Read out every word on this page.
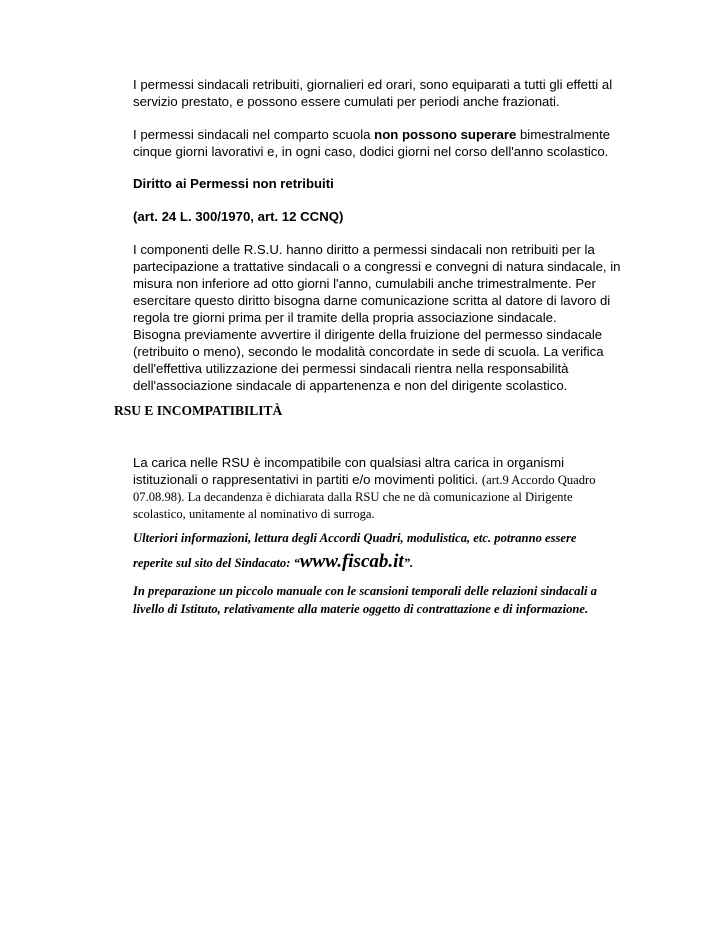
I permessi sindacali retribuiti, giornalieri ed orari, sono equiparati a tutti gli effetti al
servizio prestato, e possono essere cumulati per periodi anche frazionati.

I permessi sindacali nel comparto scuola non possono superare bimestralmente
cinque giorni lavorativi e, in ogni caso, dodici giorni nel corso dell'anno scolastico.

Diritto ai Permessi non retribuiti

(art. 24 L. 300/1970, art. 12 CCNQ)

I componenti delle R.S.U. hanno diritto a permessi sindacali non retribuiti per la
partecipazione a trattative sindacali o a congressi e convegni di natura sindacale, in
misura non inferiore ad otto giorni l'anno, cumulabili anche trimestralmente. Per
esercitare questo diritto bisogna darne comunicazione scritta al datore di lavoro di
regola tre giorni prima per il tramite della propria associazione sindacale.

Bisogna previamente avvertire il dirigente della fruizione del permesso sindacale
(retribuito o meno), secondo le modalità concordate in sede di scuola. La verifica
dell'effettiva utilizzazione dei permessi sindacali rientra nella responsabilità
dell'associazione sindacale di appartenenza e non del dirigente scolastico.

RSU E INCOMPATIBILITÀ

La carica nelle RSU è incompatibile con qualsiasi altra carica in organismi
istituzionali o rappresentativi in partiti e/o movimenti politici. (art.9 Accordo Quadro
07.08.98). La decandenza è dichiarata dalla RSU che ne dà comunicazione al Dirigente
scolastico, unitamente al nominativo di surroga.

Ulteriori informazioni, lettura degli Accordi Quadri, modulistica, etc. potranno essere
reperite sul sito del Sindacato: “www.fiscab.it”.

In preparazione un piccolo manuale con le scansioni temporali delle relazioni sindacali a
livello di Istituto, relativamente alla materie oggetto di contrattazione e di informazione.
